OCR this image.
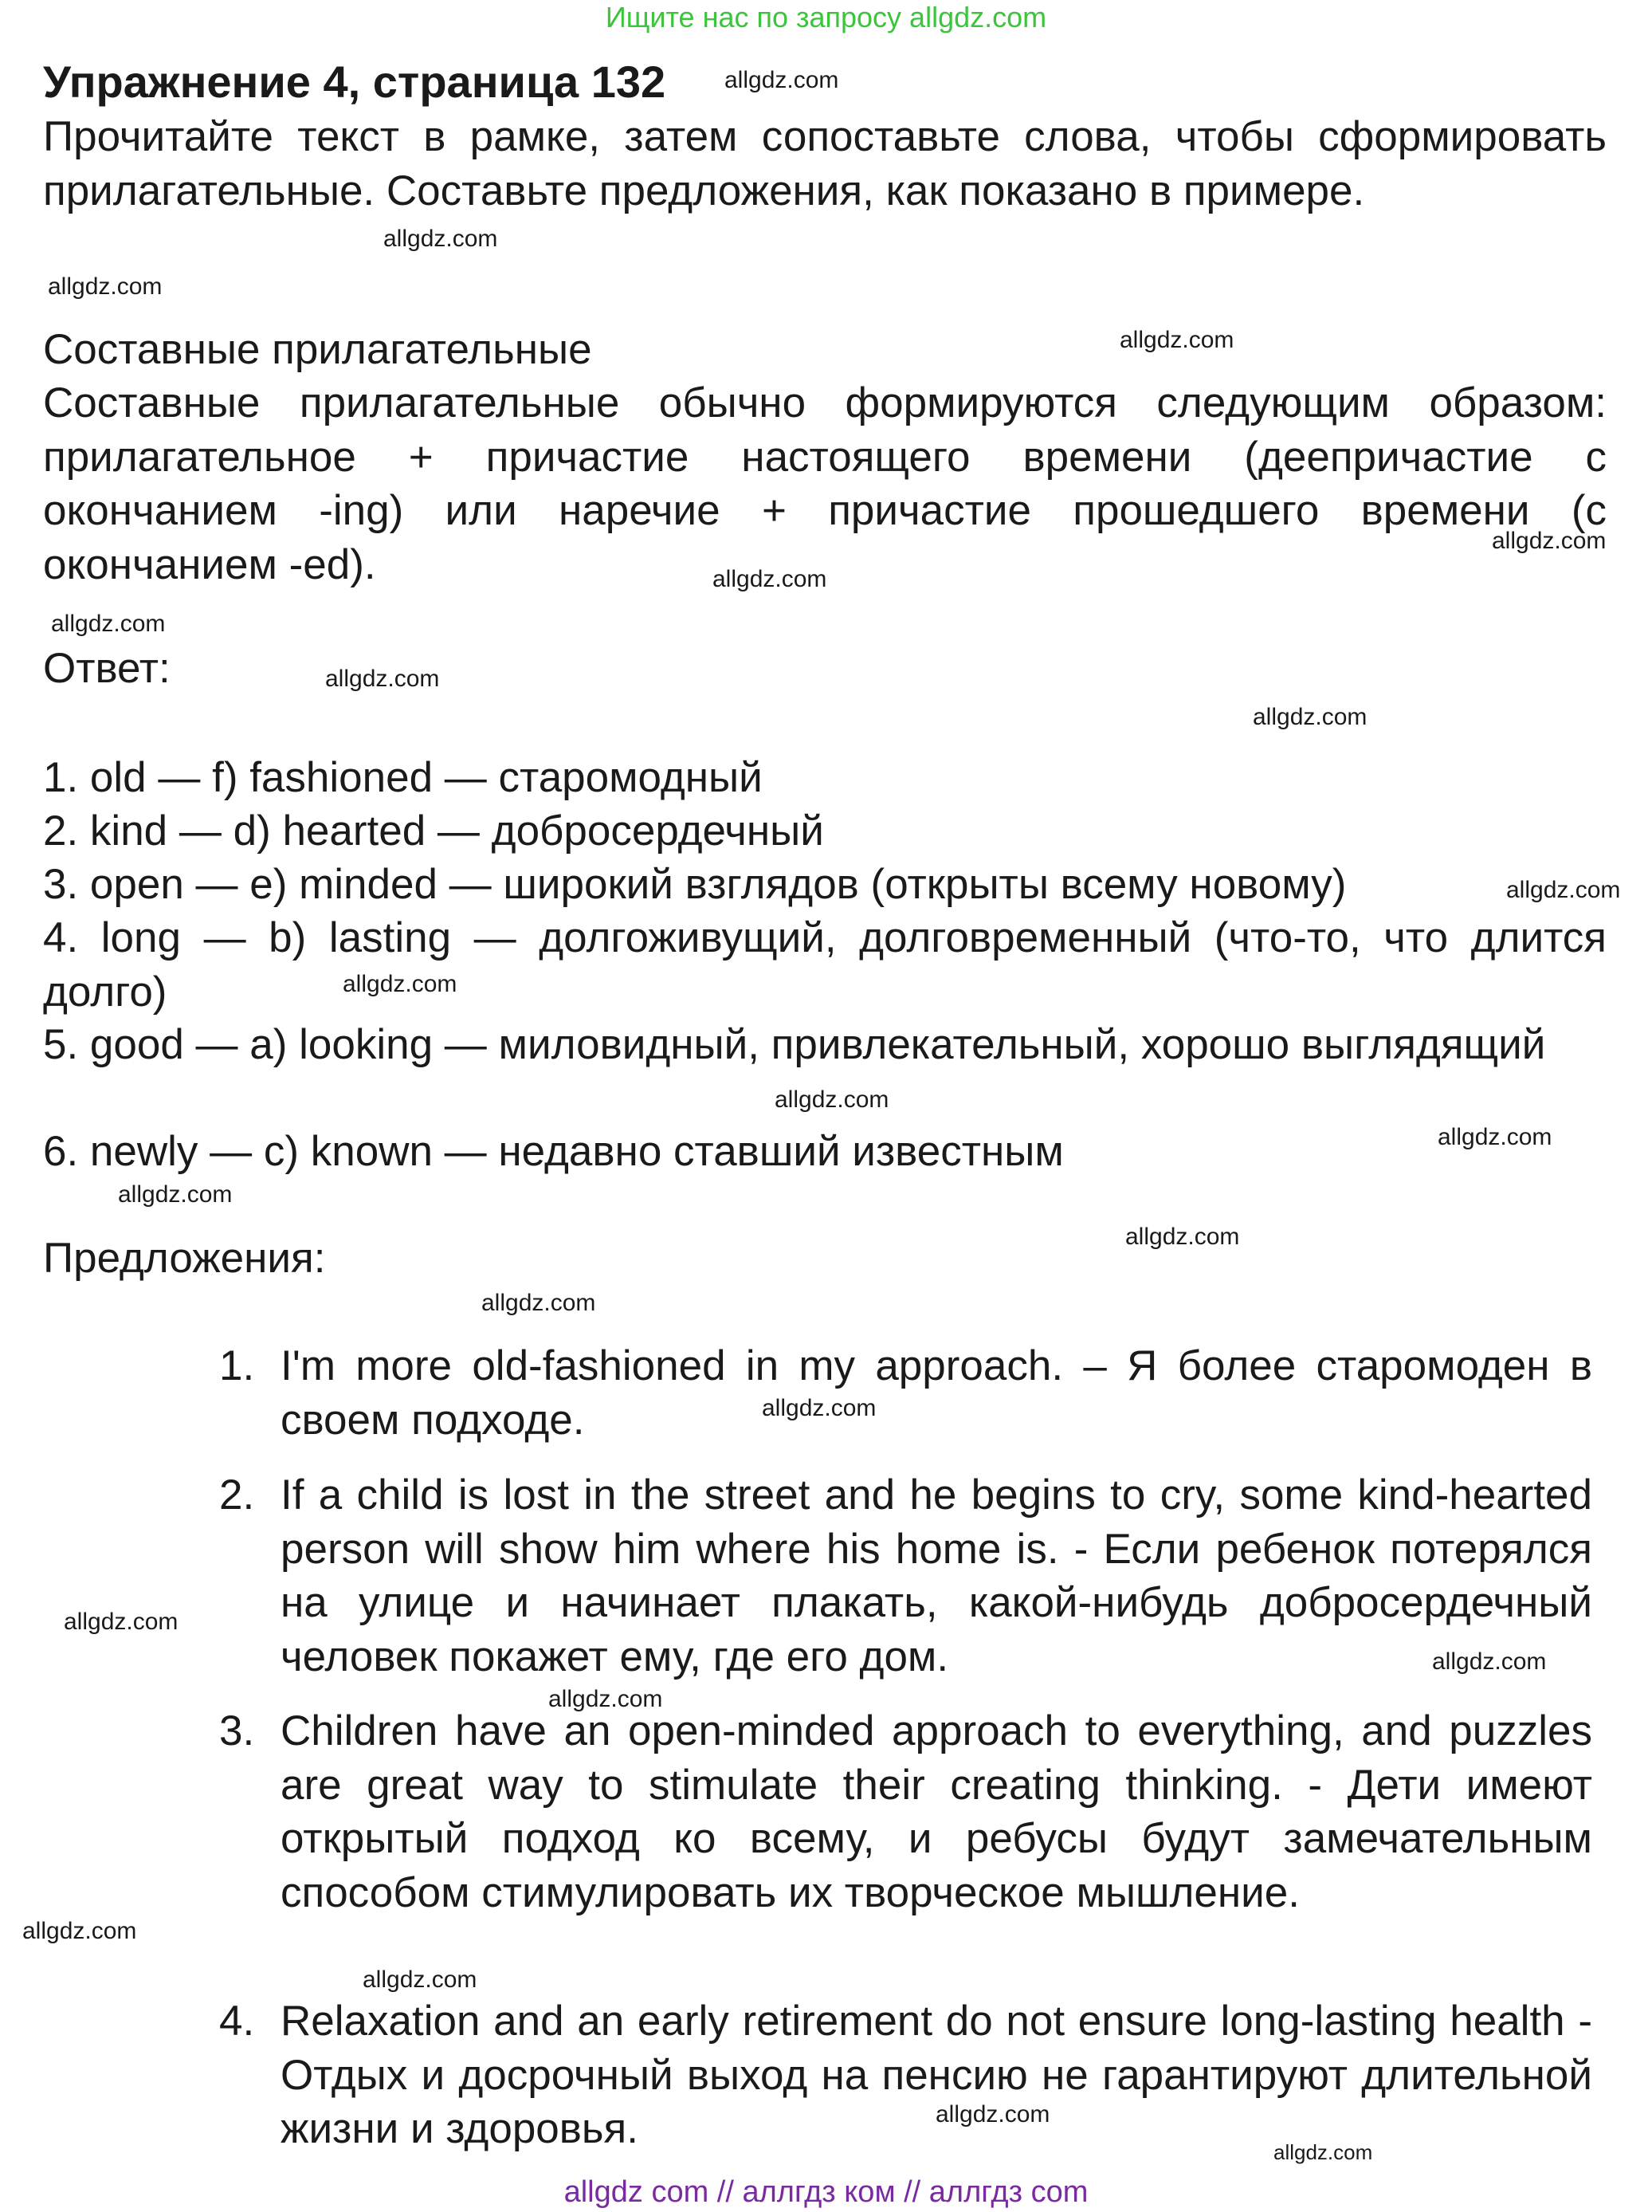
Ищите нас по запросу allgdz.com
Упражнение 4, страница 132

Прочитайте текст в рамке, затем сопоставьте слова, чтобы сформировать прилагательные. Составьте предложения, как показано в примере.

Составные прилагательные

Составные прилагательные обычно формируются следующим образом: прилагательное + причастие настоящего времени (деепричастие с окончанием -ing) или наречие + причастие прошедшего времени (с окончанием -ed).

Ответ:
1. old — f) fashioned — старомодный
2. kind — d) hearted — добросердечный
3. open — e) minded — широкий взглядов (открыты всему новому)

4. long — b) lasting — долгоживущий, долговременный (что-то, что длится долго)

5. good — a) looking — миловидный, привлекательный, хорошо выглядящий

6. newly — c) known — недавно ставший известным
Предложения:
1. I'm more old-fashioned in my approach. – Я более старомоден в своем подходе.

2. If a child is lost in the street and he begins to cry, some kind-hearted person will show him where his home is. - Если ребенок потерялся на улице и начинает плакать, какой-нибудь добросердечный человек покажет ему, где его дом.

3. Children have an open-minded approach to everything, and puzzles are great way to stimulate their creating thinking. - Дети имеют открытый подход ко всему, и ребусы будут замечательным способом стимулировать их творческое мышление.

4. Relaxation and an early retirement do not ensure long-lasting health - Отдых и досрочный выход на пенсию не гарантируют длительной жизни и здоровья.

allgdz.com
allgdz.com
allgdz.com
allgdz.com
allgdz.com
allgdz.com
allgdz.com
allgdz.com
allgdz.com
allgdz.com
allgdz.com
allgdz.com
allgdz.com
allgdz.com
allgdz.com
allgdz.com
allgdz.com
allgdz.com
allgdz.com
allgdz.com
allgdz.com
allgdz.com
allgdz.com
allgdz.com
allgdz com // аллгдз ком // аллгдз com
